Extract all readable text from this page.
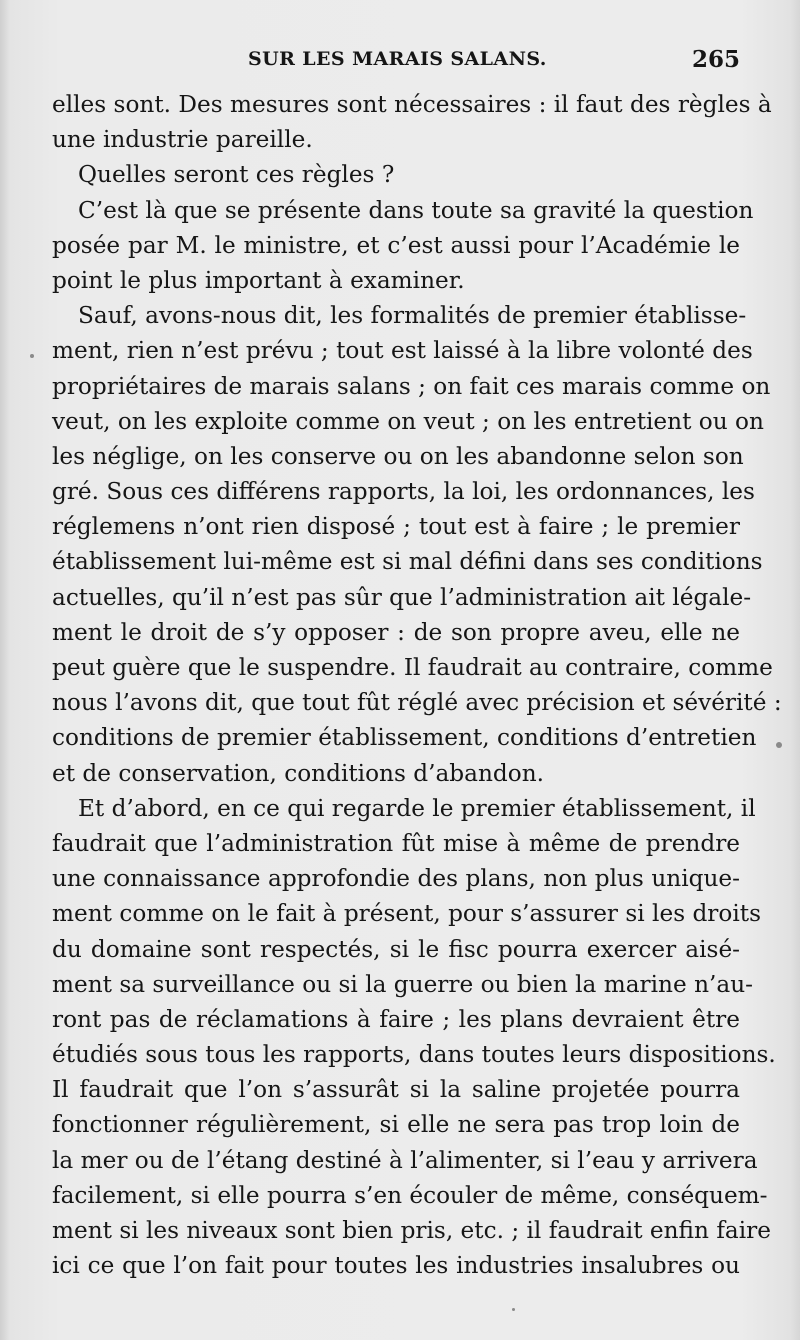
SUR LES MARAIS SALANS.	265
elles sont. Des mesures sont nécessaires : il faut des règles à
une industrie pareille.
Quelles seront ces règles ?
C’est là que se présente dans toute sa gravité la question
posée par M. le ministre, et c’est aussi pour l’Académie le
point le plus important à examiner.
Sauf, avons-nous dit, les formalités de premier établisse-
ment, rien n’est prévu ; tout est laissé à la libre volonté des
propriétaires de marais salans ; on fait ces marais comme on
veut, on les exploite comme on veut ; on les entretient ou on
les néglige, on les conserve ou on les abandonne selon son
gré. Sous ces différens rapports, la loi, les ordonnances, les
réglemens n’ont rien disposé ; tout est à faire ; le premier
établissement lui-même est si mal défini dans ses conditions
actuelles, qu’il n’est pas sûr que l’administration ait légale-
ment le droit de s’y opposer : de son propre aveu, elle ne
peut guère que le suspendre. Il faudrait au contraire, comme
nous l’avons dit, que tout fût réglé avec précision et sévérité :
conditions de premier établissement, conditions d’entretien
et de conservation, conditions d’abandon.
Et d’abord, en ce qui regarde le premier établissement, il
faudrait que l’administration fût mise à même de prendre
une connaissance approfondie des plans, non plus unique-
ment comme on le fait à présent, pour s’assurer si les droits
du domaine sont respectés, si le fisc pourra exercer aisé-
ment sa surveillance ou si la guerre ou bien la marine n’au-
ront pas de réclamations à faire ; les plans devraient être
étudiés sous tous les rapports, dans toutes leurs dispositions.
Il faudrait que l’on s’assurât si la saline projetée pourra
fonctionner régulièrement, si elle ne sera pas trop loin de
la mer ou de l’étang destiné à l’alimenter, si l’eau y arrivera
facilement, si elle pourra s’en écouler de même, conséquem-
ment si les niveaux sont bien pris, etc. ; il faudrait enfin faire
ici ce que l’on fait pour toutes les industries insalubres ou
